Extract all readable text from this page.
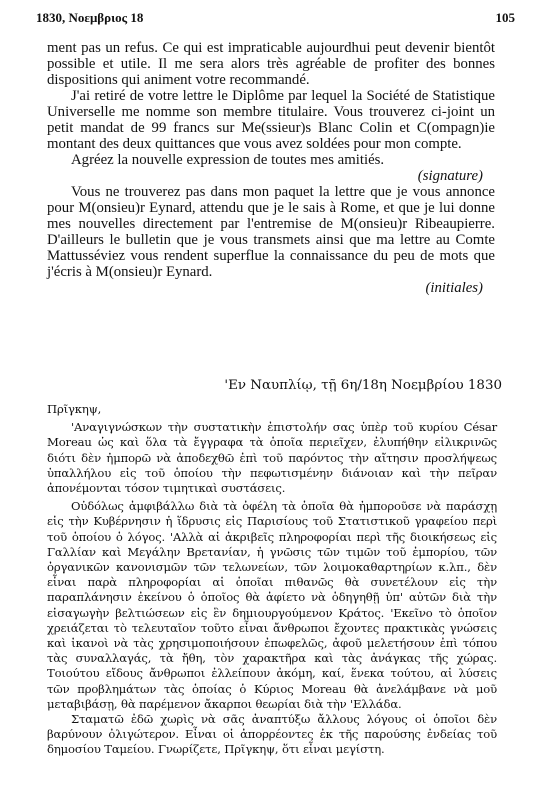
1830, Νοεμβριος 18	105

ment pas un refus. Ce qui est impraticable aujourdhui peut devenir bientôt possible et utile. Il me sera alors très agréable de profiter des bonnes dispositions qui animent votre recommandé.

J'ai retiré de votre lettre le Diplôme par lequel la Société de Statistique Universelle me nomme son membre titulaire. Vous trouverez ci-joint un petit mandat de 99 francs sur Me(ssieur)s Blanc Colin et C(ompagn)ie montant des deux quittances que vous avez soldées pour mon compte.

Agréez la nouvelle expression de toutes mes amitiés.

(signature)

Vous ne trouverez pas dans mon paquet la lettre que je vous annonce pour M(onsieu)r Eynard, attendu que je le sais à Rome, et que je lui donne mes nouvelles directement par l'entremise de M(onsieu)r Ribeaupierre. D'ailleurs le bulletin que je vous transmets ainsi que ma lettre au Comte Mattusséviez vous rendent superflue la connaissance du peu de mots que j'écris à M(onsieu)r Eynard.

(initiales)

'Εν Ναυπλίῳ, τῇ 6η/18η Νοεμβρίου 1830

Πρῖγκηψ,

'Αναγιγνώσκων τὴν συστατικὴν ἐπιστολήν σας ὑπὲρ τοῦ κυρίου César Moreau ὡς καὶ ὅλα τὰ ἔγγραφα τὰ ὁποῖα περιεῖχεν, ἐλυπήθην εἰλικρινῶς διότι δὲν ἠμπορῶ νὰ ἀποδεχθῶ ἐπὶ τοῦ παρόντος τὴν αἴτησιν προσλήψεως ὑπαλλήλου εἰς τοῦ ὁποίου τὴν πεφωτισμένην διάνοιαν καὶ τὴν πεῖραν ἀπονέμονται τόσον τιμητικαὶ συστάσεις.

Οὐδόλως ἀμφιβάλλω διὰ τὰ ὀφέλη τὰ ὁποῖα θὰ ἠμποροῦσε νὰ παράσχῃ εἰς τὴν Κυβέρνησιν ἡ ἵδρυσις εἰς Παρισίους τοῦ Στατιστικοῦ γραφείου περὶ τοῦ ὁποίου ὁ λόγος. 'Αλλὰ αἱ ἀκριβεῖς πληροφορίαι περὶ τῆς διοικήσεως εἰς Γαλλίαν καὶ Μεγάλην Βρετανίαν, ἡ γνῶσις τῶν τιμῶν τοῦ ἐμπορίου, τῶν ὀργανικῶν κανονισμῶν τῶν τελωνείων, τῶν λοιμοκαθαρτηρίων κ.λπ., δὲν εἶναι παρὰ πληροφορίαι αἱ ὁποῖαι πιθανῶς θὰ συνετέλουν εἰς τὴν παραπλάνησιν ἐκείνου ὁ ὁποῖος θὰ ἀφίετο νὰ ὁδηγηθῇ ὑπ' αὐτῶν διὰ τὴν εἰσαγωγὴν βελτιώσεων εἰς ἓν δημιουργούμενον Κράτος. 'Εκεῖνο τὸ ὁποῖον χρειάζεται τὸ τελευταῖον τοῦτο εἶναι ἄνθρωποι ἔχοντες πρακτικὰς γνώσεις καὶ ἱκανοὶ νὰ τὰς χρησιμοποιήσουν ἐπωφελῶς, ἀφοῦ μελετήσουν ἐπὶ τόπου τὰς συναλλαγάς, τὰ ἤθη, τὸν χαρακτῆρα καὶ τὰς ἀνάγκας τῆς χώρας. Τοιούτου εἴδους ἄνθρωποι ἐλλείπουν ἀκόμη, καί, ἕνεκα τούτου, αἱ λύσεις τῶν προβλημάτων τὰς ὁποίας ὁ Κύριος Moreau θὰ ἀνελάμβανε νὰ μοῦ μεταβιβάσῃ, θὰ παρέμενον ἄκαρποι θεωρίαι διὰ τὴν 'Ελλάδα.

Σταματῶ ἐδῶ χωρὶς νὰ σᾶς ἀναπτύξω ἄλλους λόγους οἱ ὁποῖοι δὲν βαρύνουν ὀλιγώτερον. Εἶναι οἱ ἀπορρέοντες ἐκ τῆς παρούσης ἐνδείας τοῦ δημοσίου Ταμείου. Γνωρίζετε, Πρῖγκηψ, ὅτι εἶναι μεγίστη.
